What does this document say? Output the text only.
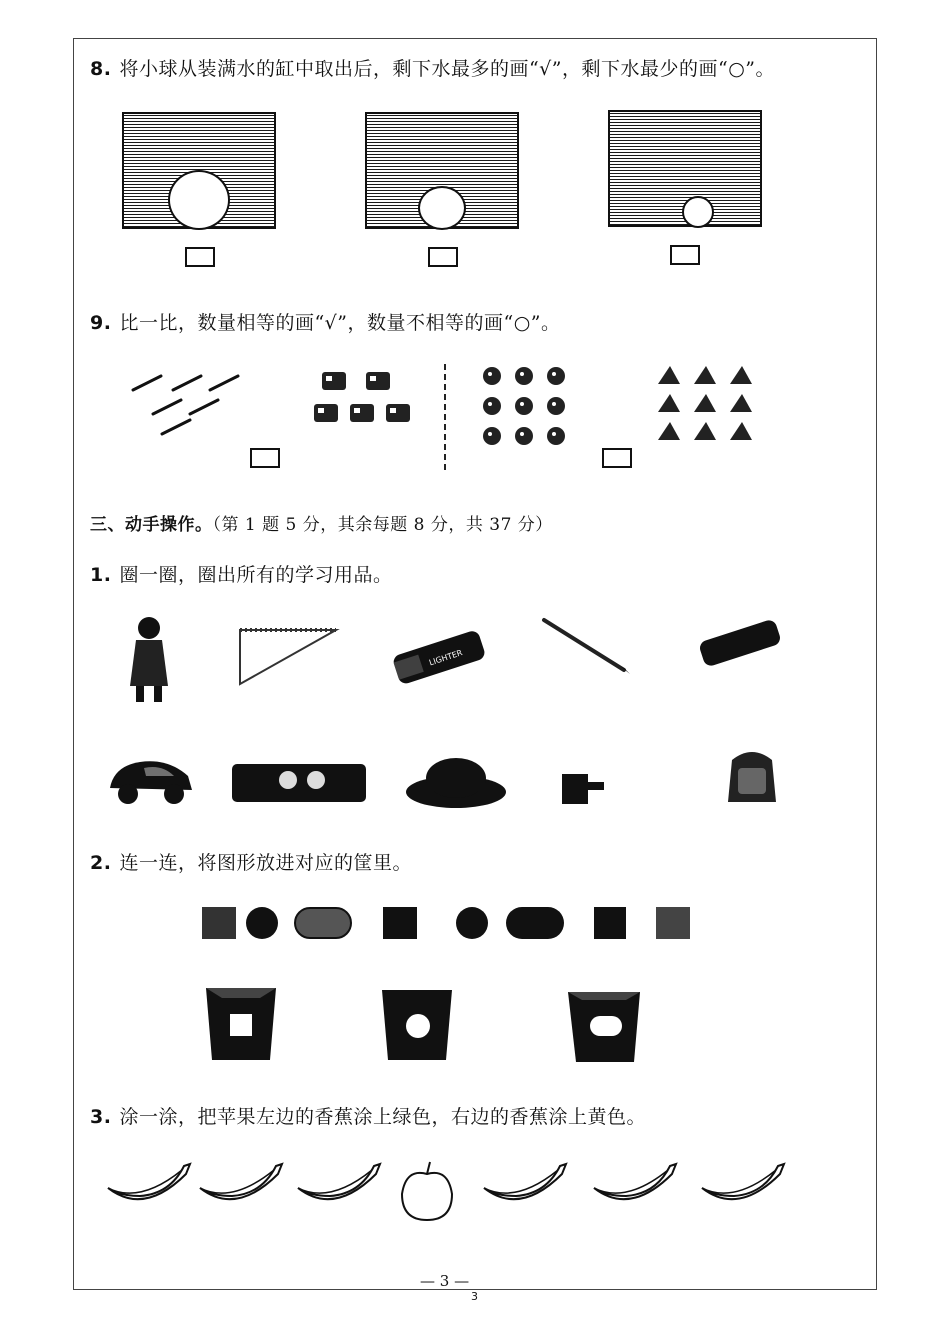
8. 将小球从装满水的缸中取出后，剩下水最多的画“√”，剩下水最少的画“○”。
9. 比一比，数量相等的画“√”，数量不相等的画“○”。
三、动手操作。（第 1 题 5 分，其余每题 8 分，共 37 分）
1. 圈一圈，圈出所有的学习用品。
LIGHTER
2. 连一连，将图形放进对应的筐里。
3. 涂一涂，把苹果左边的香蕉涂上绿色，右边的香蕉涂上黄色。
— 3 —
3
